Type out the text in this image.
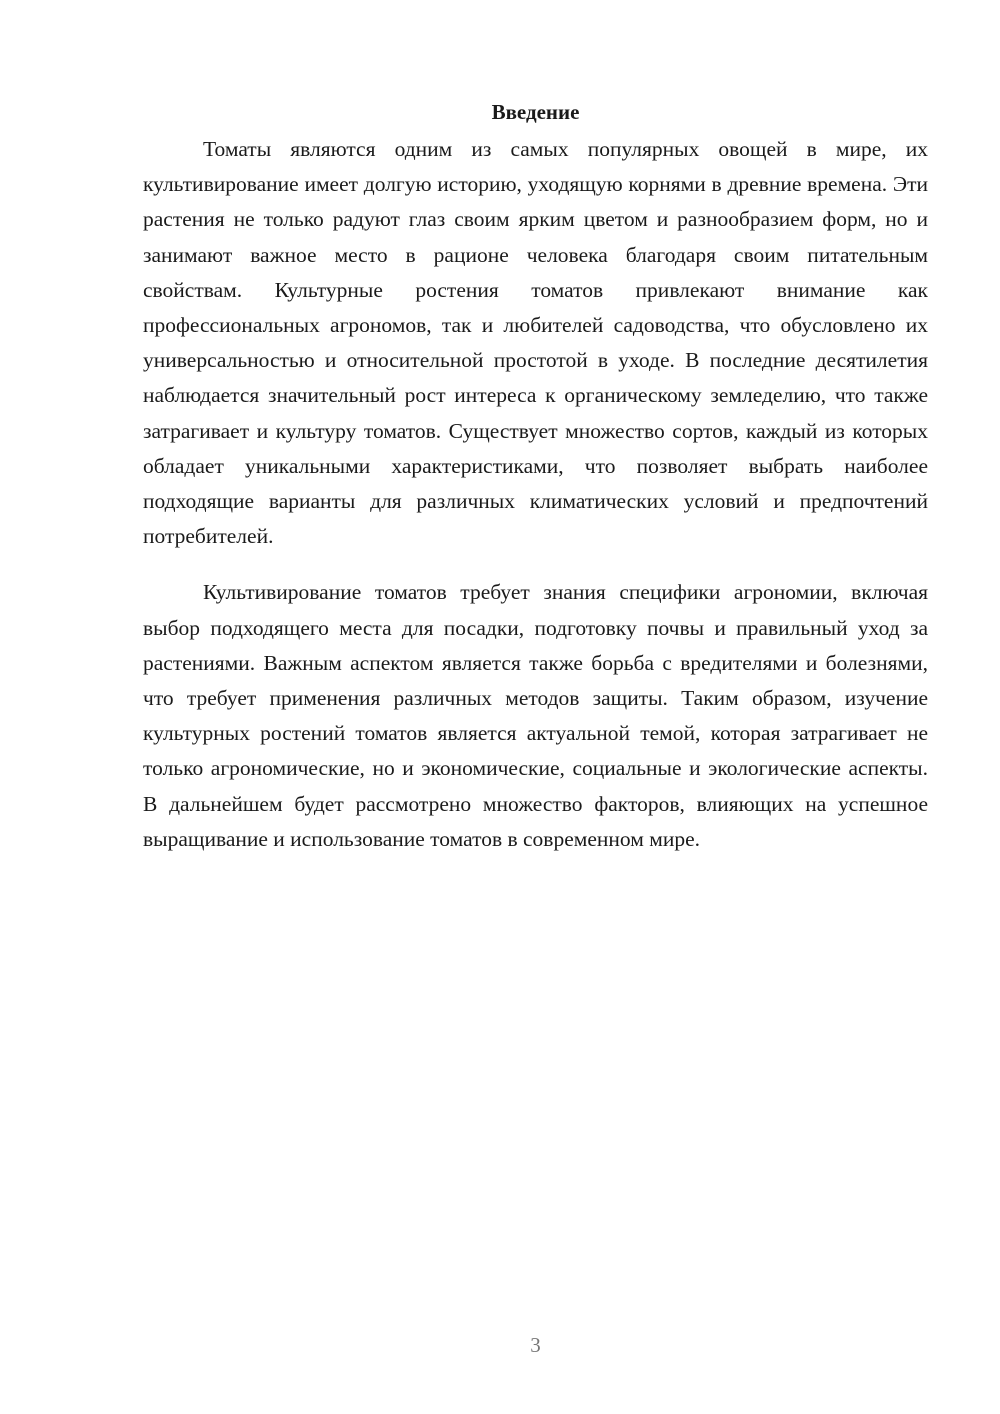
Введение

Томаты являются одним из самых популярных овощей в мире, их культивирование имеет долгую историю, уходящую корнями в древние времена. Эти растения не только радуют глаз своим ярким цветом и разнообразием форм, но и занимают важное место в рационе человека благодаря своим питательным свойствам. Культурные ростения томатов привлекают внимание как профессиональных агрономов, так и любителей садоводства, что обусловлено их универсальностью и относительной простотой в уходе. В последние десятилетия наблюдается значительный рост интереса к органическому земледелию, что также затрагивает и культуру томатов. Существует множество сортов, каждый из которых обладает уникальными характеристиками, что позволяет выбрать наиболее подходящие варианты для различных климатических условий и предпочтений потребителей.

Культивирование томатов требует знания специфики агрономии, включая выбор подходящего места для посадки, подготовку почвы и правильный уход за растениями. Важным аспектом является также борьба с вредителями и болезнями, что требует применения различных методов защиты. Таким образом, изучение культурных ростений томатов является актуальной темой, которая затрагивает не только агрономические, но и экономические, социальные и экологические аспекты. В дальнейшем будет рассмотрено множество факторов, влияющих на успешное выращивание и использование томатов в современном мире.

3
